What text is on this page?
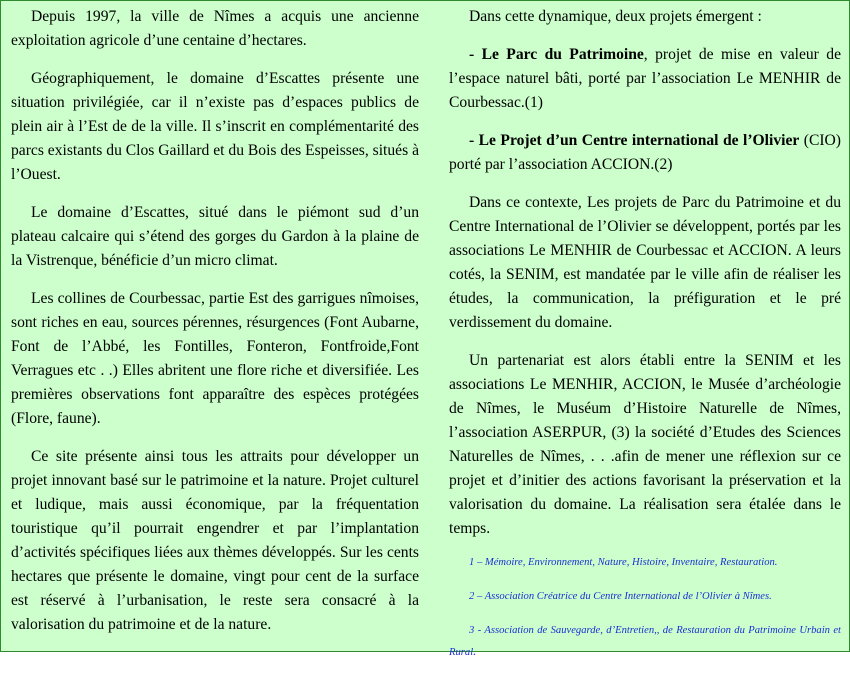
Depuis 1997, la ville de Nîmes a acquis une ancienne exploitation agricole d’une centaine d’hectares.

Géographiquement, le domaine d’Escattes présente une situation privilégiée, car il n’existe pas d’espaces publics de plein air à l’Est de de la ville. Il s’inscrit en complémentarité des parcs existants du Clos Gaillard et du Bois des Espeisses, situés à l’Ouest.

Le domaine d’Escattes, situé dans le piémont sud d’un plateau calcaire qui s’étend des gorges du Gardon à la plaine de la Vistrenque, bénéficie d’un micro climat.

Les collines de Courbessac, partie Est des garrigues nîmoises, sont riches en eau, sources pérennes, résurgences (Font Aubarne, Font de l’Abbé, les Fontilles, Fonteron, Fontfroide,Font Verragues etc . .) Elles abritent une flore riche et diversifiée. Les premières observations font apparaître des espèces protégées (Flore, faune).

Ce site présente ainsi tous les attraits pour développer un projet innovant basé sur le patrimoine et la nature. Projet culturel et ludique, mais aussi économique, par la fréquentation touristique qu’il pourrait engendrer et par l’implantation d’activités spécifiques liées aux thèmes développés. Sur les cents hectares que présente le domaine, vingt pour cent de la surface est réservé à l’urbanisation, le reste sera consacré à la valorisation du patrimoine et de la nature.

Dans cette dynamique, deux projets émergent :

- Le Parc du Patrimoine, projet de mise en valeur de l’espace naturel bâti, porté par l’association Le MENHIR de Courbessac.(1)

- Le Projet d’un Centre international de l’Olivier (CIO) porté par l’association ACCION.(2)

Dans ce contexte, Les projets de Parc du Patrimoine et du Centre International de l’Olivier se développent, portés par les associations Le MENHIR de Courbessac et ACCION. A leurs cotés, la SENIM, est mandatée par le ville afin de réaliser les études, la communication, la préfiguration et le pré verdissement du domaine.

Un partenariat est alors établi entre la SENIM et les associations Le MENHIR, ACCION, le Musée d’archéologie de Nîmes, le Muséum d’Histoire Naturelle de Nîmes, l’association ASERPUR, (3) la société d’Etudes des Sciences Naturelles de Nîmes, . . .afin de mener une réflexion sur ce projet et d’initier des actions favorisant la préservation et la valorisation du domaine. La réalisation sera étalée dans le temps.

1 – Mémoire, Environnement, Nature, Histoire, Inventaire, Restauration.

2 – Association Créatrice du Centre International de l’Olivier à Nîmes.

3 - Association de Sauvegarde, d’Entretien,, de Restauration du Patrimoine Urbain et Rural.
